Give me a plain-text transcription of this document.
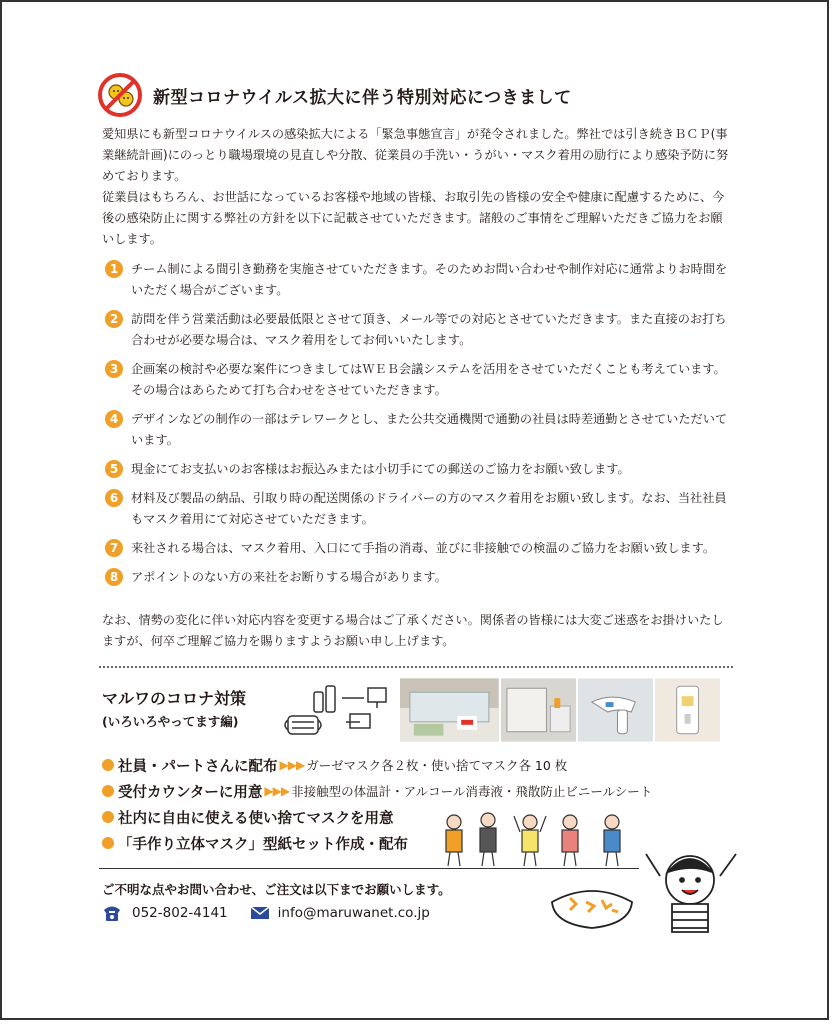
新型コロナウイルス拡大に伴う特別対応につきまして

愛知県にも新型コロナウイルスの感染拡大による「緊急事態宣言」が発令されました。弊社では引き続きＢＣＰ(事業継続計画)にのっとり職場環境の見直しや分散、従業員の手洗い・うがい・マスク着用の励行により感染予防に努めております。

従業員はもちろん、お世話になっているお客様や地域の皆様、お取引先の皆様の安全や健康に配慮するために、今後の感染防止に関する弊社の方針を以下に記載させていただきます。諸般のご事情をご理解いただきご協力をお願いします。

1	チーム制による間引き勤務を実施させていただきます。そのためお問い合わせや制作対応に通常よりお時間をいただく場合がございます。
2	訪問を伴う営業活動は必要最低限とさせて頂き、メール等での対応とさせていただきます。また直接のお打ち合わせが必要な場合は、マスク着用をしてお伺いいたします。
3	企画案の検討や必要な案件につきましてはＷＥＢ会議システムを活用をさせていただくことも考えています。その場合はあらためて打ち合わせをさせていただきます。
4	デザインなどの制作の一部はテレワークとし、また公共交通機関で通勤の社員は時差通勤とさせていただいています。
5	現金にてお支払いのお客様はお振込みまたは小切手にての郵送のご協力をお願い致します。
6	材料及び製品の納品、引取り時の配送関係のドライバーの方のマスク着用をお願い致します。なお、当社社員もマスク着用にて対応させていただきます。
7	来社される場合は、マスク着用、入口にて手指の消毒、並びに非接触での検温のご協力をお願い致します。
8	アポイントのない方の来社をお断りする場合があります。

なお、情勢の変化に伴い対応内容を変更する場合はご了承ください。関係者の皆様には大変ご迷惑をお掛けいたしますが、何卒ご理解ご協力を賜りますようお願い申し上げます。

マルワのコロナ対策
(いろいろやってます編)
社員・パートさんに配布 ▶▶▶ ガーゼマスク各２枚・使い捨てマスク各 10 枚
受付カウンターに用意 ▶▶▶ 非接触型の体温計・アルコール消毒液・飛散防止ビニールシート
社内に自由に使える使い捨てマスクを用意
「手作り立体マスク」型紙セット作成・配布
ご不明な点やお問い合わせ、ご注文は以下までお願いします。
052-802-4141	info@maruwanet.co.jp
